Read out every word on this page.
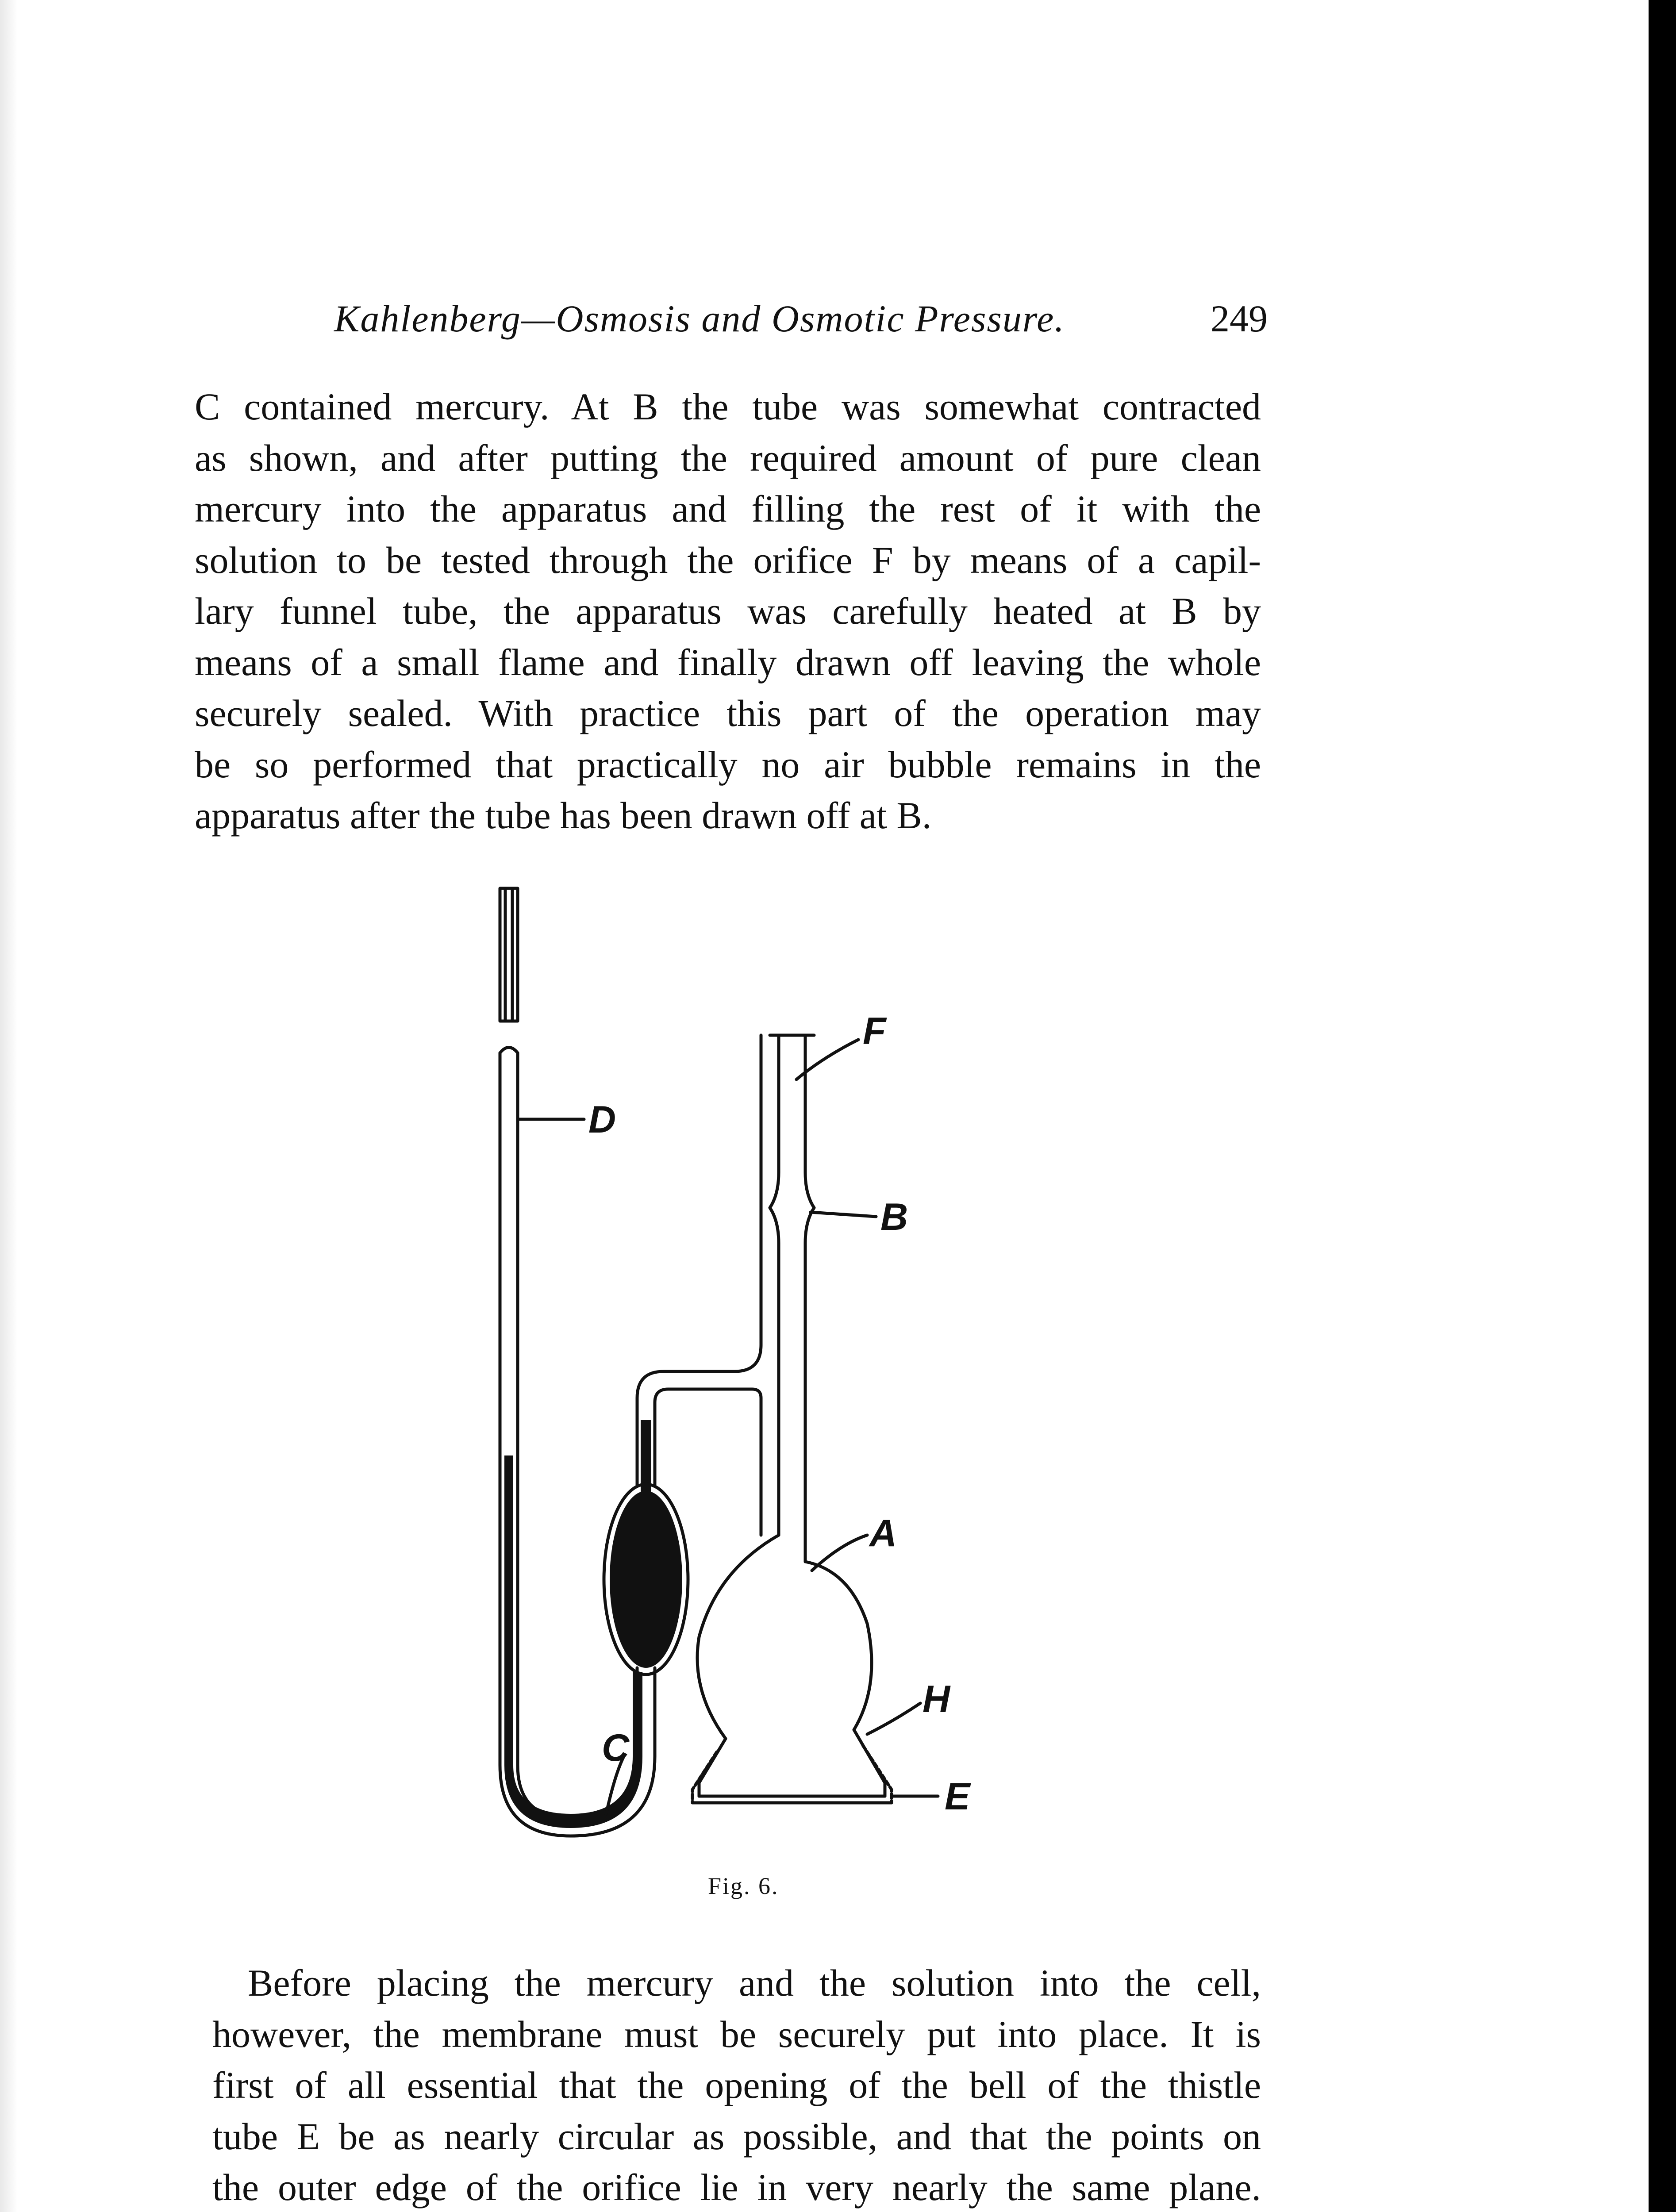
Kahlenberg—Osmosis and Osmotic Pressure.	249
C contained mercury. At B the tube was somewhat contracted
as shown, and after putting the required amount of pure clean
mercury into the apparatus and filling the rest of it with the
solution to be tested through the orifice F by means of a capil-
lary funnel tube, the apparatus was carefully heated at B by
means of a small flame and finally drawn off leaving the whole
securely sealed. With practice this part of the operation may
be so performed that practically no air bubble remains in the
apparatus after the tube has been drawn off at B.
D
F
B
A
H
C
E
Fig. 6.
Before placing the mercury and the solution into the cell,
however, the membrane must be securely put into place. It is
first of all essential that the opening of the bell of the thistle
tube E be as nearly circular as possible, and that the points on
the outer edge of the orifice lie in very nearly the same plane.
